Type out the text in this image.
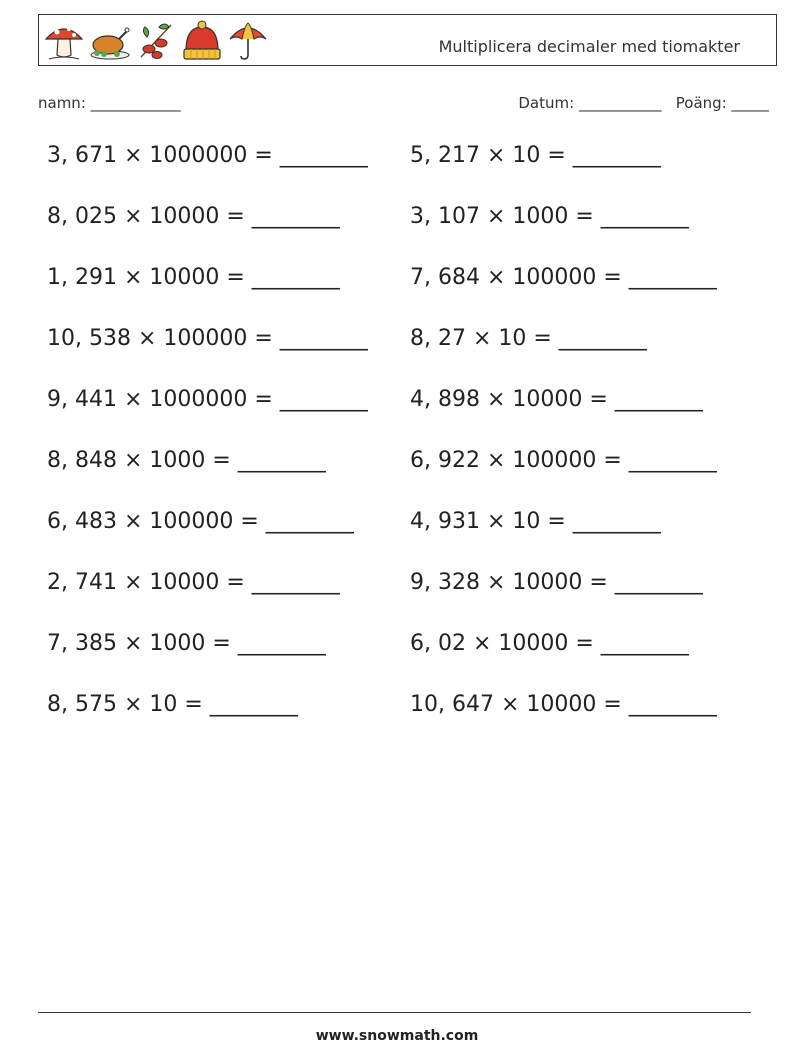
Multiplicera decimaler med tiomakter
namn: ____________	Datum: ___________ Poäng: _____
3, 671 × 1000000 = ________
8, 025 × 10000 = ________
1, 291 × 10000 = ________
10, 538 × 100000 = ________
9, 441 × 1000000 = ________
8, 848 × 1000 = ________
6, 483 × 100000 = ________
2, 741 × 10000 = ________
7, 385 × 1000 = ________
8, 575 × 10 = ________
5, 217 × 10 = ________
3, 107 × 1000 = ________
7, 684 × 100000 = ________
8, 27 × 10 = ________
4, 898 × 10000 = ________
6, 922 × 100000 = ________
4, 931 × 10 = ________
9, 328 × 10000 = ________
6, 02 × 10000 = ________
10, 647 × 10000 = ________
www.snowmath.com
